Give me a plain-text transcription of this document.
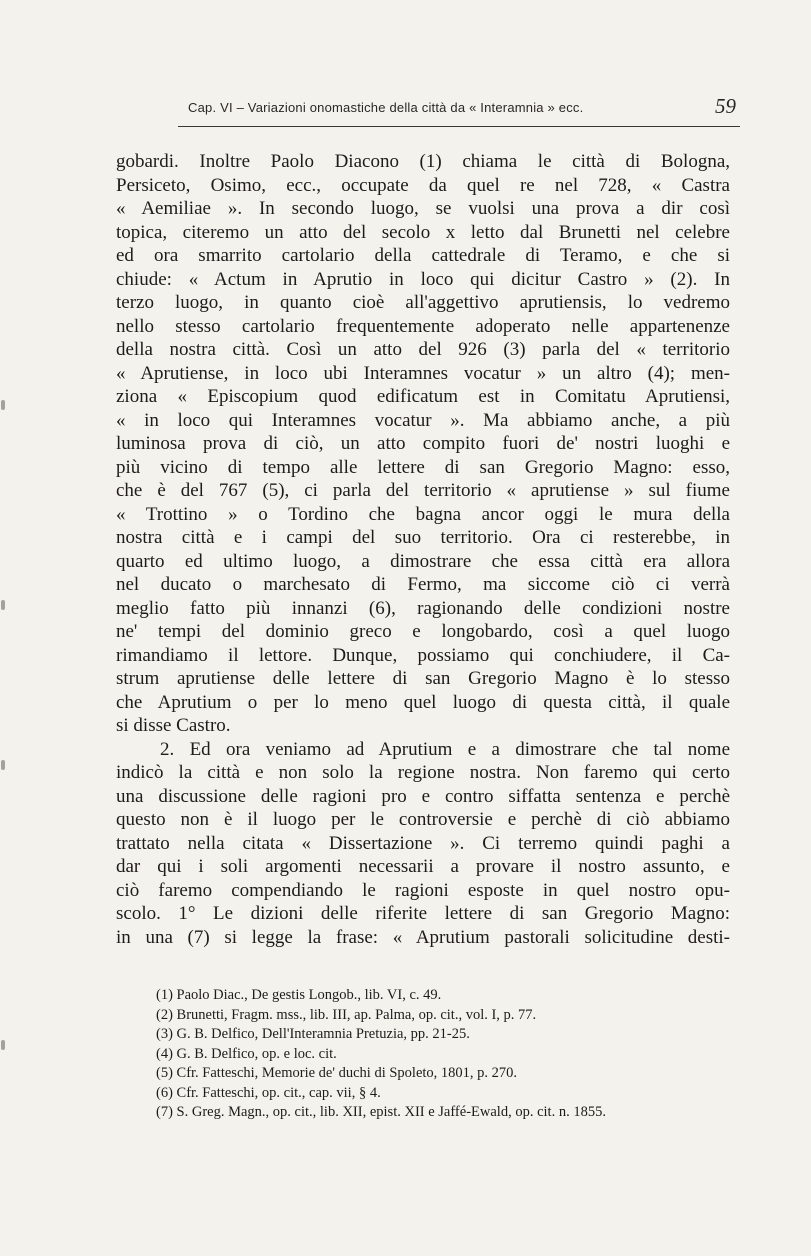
Cap. VI – Variazioni onomastiche della città da « Interamnia » ecc.	59
gobardi. Inoltre Paolo Diacono (1) chiama le città di Bologna,
Persiceto, Osimo, ecc., occupate da quel re nel 728, « Castra
« Aemiliae ». In secondo luogo, se vuolsi una prova a dir così
topica, citeremo un atto del secolo x letto dal Brunetti nel celebre
ed ora smarrito cartolario della cattedrale di Teramo, e che si
chiude: « Actum in Aprutio in loco qui dicitur Castro » (2). In
terzo luogo, in quanto cioè all'aggettivo aprutiensis, lo vedremo
nello stesso cartolario frequentemente adoperato nelle appartenenze
della nostra città. Così un atto del 926 (3) parla del « territorio
« Aprutiense, in loco ubi Interamnes vocatur » un altro (4); men-
ziona « Episcopium quod edificatum est in Comitatu Aprutiensi,
« in loco qui Interamnes vocatur ». Ma abbiamo anche, a più
luminosa prova di ciò, un atto compito fuori de' nostri luoghi e
più vicino di tempo alle lettere di san Gregorio Magno: esso,
che è del 767 (5), ci parla del territorio « aprutiense » sul fiume
« Trottino » o Tordino che bagna ancor oggi le mura della
nostra città e i campi del suo territorio. Ora ci resterebbe, in
quarto ed ultimo luogo, a dimostrare che essa città era allora
nel ducato o marchesato di Fermo, ma siccome ciò ci verrà
meglio fatto più innanzi (6), ragionando delle condizioni nostre
ne' tempi del dominio greco e longobardo, così a quel luogo
rimandiamo il lettore. Dunque, possiamo qui conchiudere, il Ca-
strum aprutiense delle lettere di san Gregorio Magno è lo stesso
che Aprutium o per lo meno quel luogo di questa città, il quale
si disse Castro.
2. Ed ora veniamo ad Aprutium e a dimostrare che tal nome
indicò la città e non solo la regione nostra. Non faremo qui certo
una discussione delle ragioni pro e contro siffatta sentenza e perchè
questo non è il luogo per le controversie e perchè di ciò abbiamo
trattato nella citata « Dissertazione ». Ci terremo quindi paghi a
dar qui i soli argomenti necessarii a provare il nostro assunto, e
ciò faremo compendiando le ragioni esposte in quel nostro opu-
scolo. 1° Le dizioni delle riferite lettere di san Gregorio Magno:
in una (7) si legge la frase: « Aprutium pastorali solicitudine desti-
(1) Paolo Diac., De gestis Longob., lib. VI, c. 49.
(2) Brunetti, Fragm. mss., lib. III, ap. Palma, op. cit., vol. I, p. 77.
(3) G. B. Delfico, Dell'Interamnia Pretuzia, pp. 21-25.
(4) G. B. Delfico, op. e loc. cit.
(5) Cfr. Fatteschi, Memorie de' duchi di Spoleto, 1801, p. 270.
(6) Cfr. Fatteschi, op. cit., cap. vii, § 4.
(7) S. Greg. Magn., op. cit., lib. XII, epist. XII e Jaffé-Ewald, op. cit. n. 1855.
